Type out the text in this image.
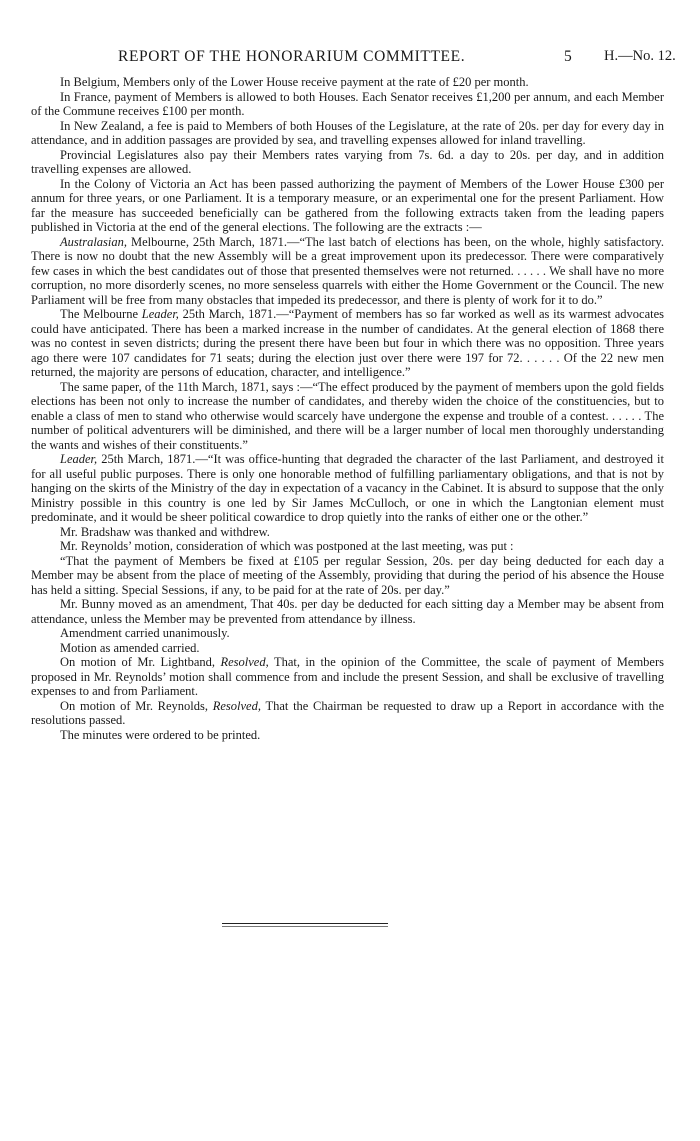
REPORT OF THE HONORARIUM COMMITTEE.	5 H.—No. 12.

In Belgium, Members only of the Lower House receive payment at the rate of £20 per month.

In France, payment of Members is allowed to both Houses. Each Senator receives £1,200 per annum, and each Member of the Commune receives £100 per month.

In New Zealand, a fee is paid to Members of both Houses of the Legislature, at the rate of 20s. per day for every day in attendance, and in addition passages are provided by sea, and travelling expenses allowed for inland travelling.

Provincial Legislatures also pay their Members rates varying from 7s. 6d. a day to 20s. per day, and in addition travelling expenses are allowed.

In the Colony of Victoria an Act has been passed authorizing the payment of Members of the Lower House £300 per annum for three years, or one Parliament. It is a temporary measure, or an experimental one for the present Parliament. How far the measure has succeeded beneficially can be gathered from the following extracts taken from the leading papers published in Victoria at the end of the general elections. The following are the extracts :—

Australasian, Melbourne, 25th March, 1871.—“The last batch of elections has been, on the whole, highly satisfactory. There is now no doubt that the new Assembly will be a great improvement upon its predecessor. There were comparatively few cases in which the best candidates out of those that presented themselves were not returned. . . . . . We shall have no more corruption, no more disorderly scenes, no more senseless quarrels with either the Home Government or the Council. The new Parliament will be free from many obstacles that impeded its predecessor, and there is plenty of work for it to do.”

The Melbourne Leader, 25th March, 1871.—“Payment of members has so far worked as well as its warmest advocates could have anticipated. There has been a marked increase in the number of candidates. At the general election of 1868 there was no contest in seven districts; during the present there have been but four in which there was no opposition. Three years ago there were 107 candidates for 71 seats; during the election just over there were 197 for 72. . . . . . Of the 22 new men returned, the majority are persons of education, character, and intelligence.”

The same paper, of the 11th March, 1871, says :—“The effect produced by the payment of members upon the gold fields elections has been not only to increase the number of candidates, and thereby widen the choice of the constituencies, but to enable a class of men to stand who otherwise would scarcely have undergone the expense and trouble of a contest. . . . . . The number of political adventurers will be diminished, and there will be a larger number of local men thoroughly understanding the wants and wishes of their constituents.”

Leader, 25th March, 1871.—“It was office-hunting that degraded the character of the last Parliament, and destroyed it for all useful public purposes. There is only one honorable method of fulfilling parliamentary obligations, and that is not by hanging on the skirts of the Ministry of the day in expectation of a vacancy in the Cabinet. It is absurd to suppose that the only Ministry possible in this country is one led by Sir James McCulloch, or one in which the Langtonian element must predominate, and it would be sheer political cowardice to drop quietly into the ranks of either one or the other.”

Mr. Bradshaw was thanked and withdrew.

Mr. Reynolds’ motion, consideration of which was postponed at the last meeting, was put :

“That the payment of Members be fixed at £105 per regular Session, 20s. per day being deducted for each day a Member may be absent from the place of meeting of the Assembly, providing that during the period of his absence the House has held a sitting. Special Sessions, if any, to be paid for at the rate of 20s. per day.”

Mr. Bunny moved as an amendment, That 40s. per day be deducted for each sitting day a Member may be absent from attendance, unless the Member may be prevented from attendance by illness.

Amendment carried unanimously.

Motion as amended carried.

On motion of Mr. Lightband, Resolved, That, in the opinion of the Committee, the scale of payment of Members proposed in Mr. Reynolds’ motion shall commence from and include the present Session, and shall be exclusive of travelling expenses to and from Parliament.

On motion of Mr. Reynolds, Resolved, That the Chairman be requested to draw up a Report in accordance with the resolutions passed.

The minutes were ordered to be printed.
